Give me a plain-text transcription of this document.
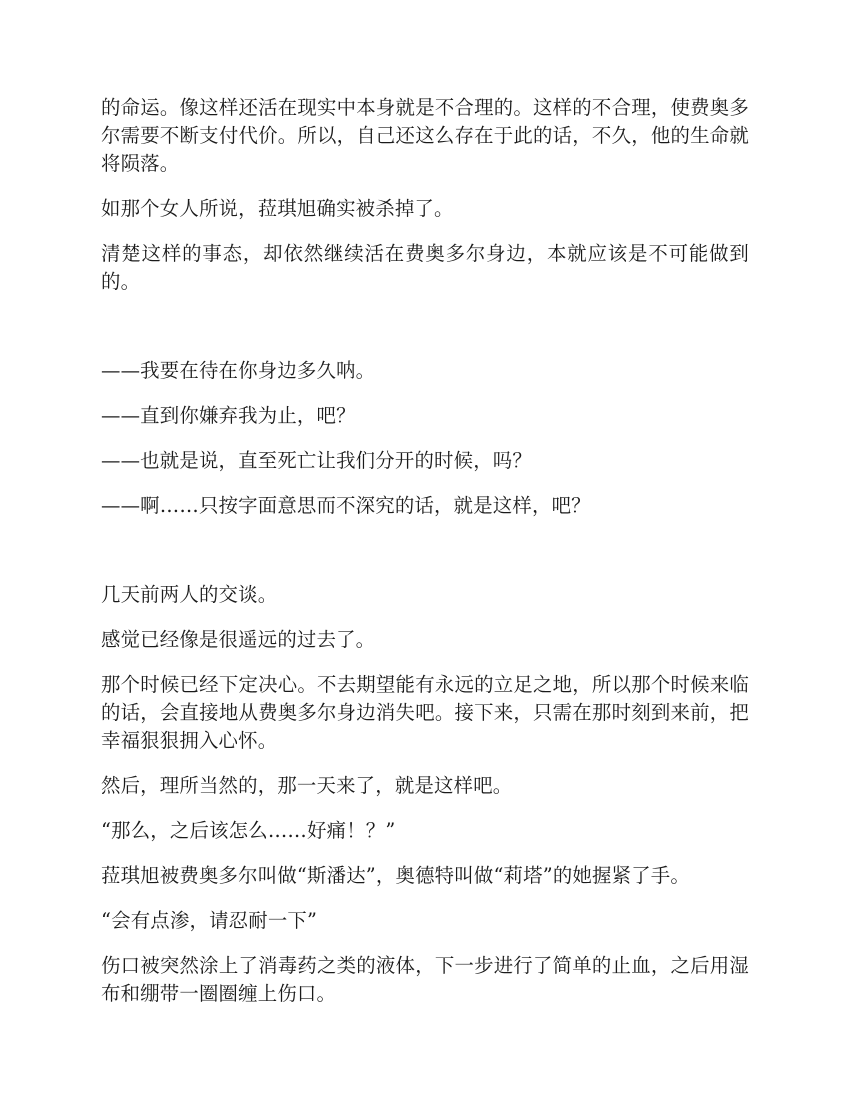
的命运。像这样还活在现实中本身就是不合理的。这样的不合理，使费奥多尔需要不断支付代价。所以，自己还这么存在于此的话，不久，他的生命就将陨落。

如那个女人所说，菈琪旭确实被杀掉了。

清楚这样的事态，却依然继续活在费奥多尔身边，本就应该是不可能做到的。

——我要在待在你身边多久呐。

——直到你嫌弃我为止，吧？

——也就是说，直至死亡让我们分开的时候，吗？

——啊……只按字面意思而不深究的话，就是这样，吧？

几天前两人的交谈。

感觉已经像是很遥远的过去了。

那个时候已经下定决心。不去期望能有永远的立足之地，所以那个时候来临的话，会直接地从费奥多尔身边消失吧。接下来，只需在那时刻到来前，把幸福狠狠拥入心怀。

然后，理所当然的，那一天来了，就是这样吧。

“那么，之后该怎么……好痛！？”

菈琪旭被费奥多尔叫做“斯潘达”，奥德特叫做“莉塔”的她握紧了手。

“会有点渗，请忍耐一下”

伤口被突然涂上了消毒药之类的液体，下一步进行了简单的止血，之后用湿布和绷带一圈圈缠上伤口。
